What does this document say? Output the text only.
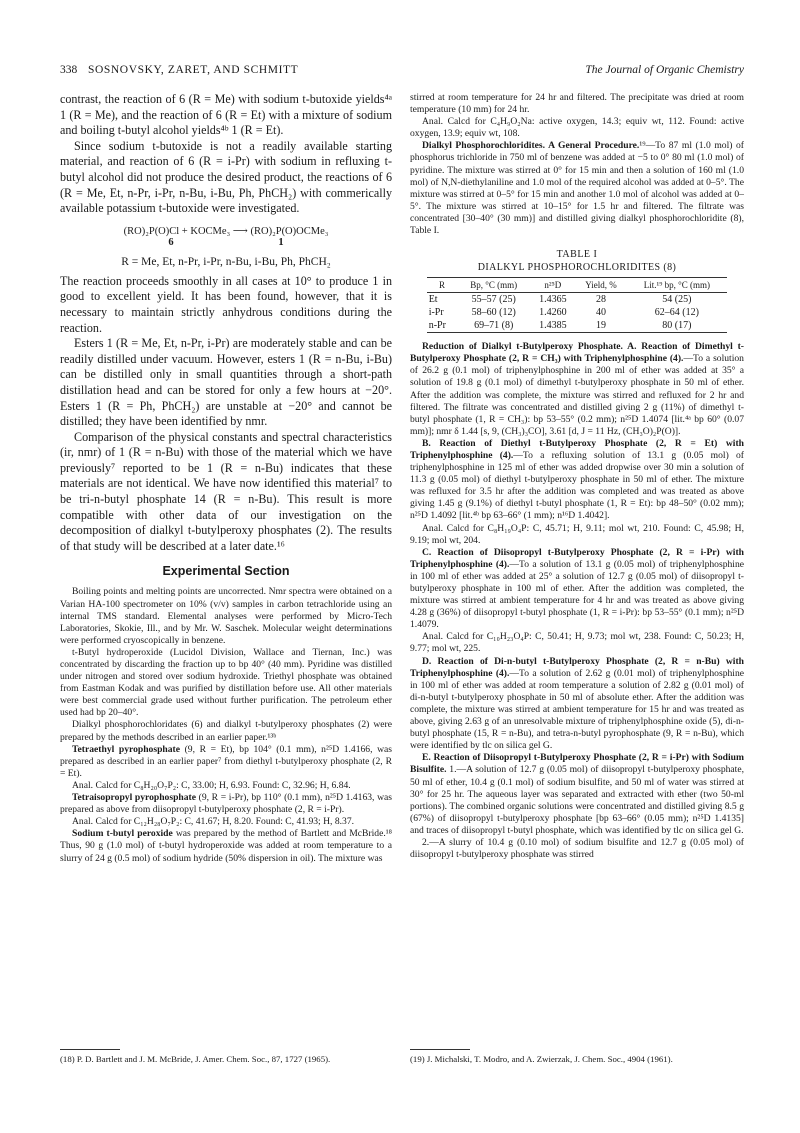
338 SOSNOVSKY, ZARET, AND SCHMITT	The Journal of Organic Chemistry

contrast, the reaction of 6 (R = Me) with sodium t-butoxide yields⁴ᵃ 1 (R = Me), and the reaction of 6 (R = Et) with a mixture of sodium and boiling t-butyl alcohol yields⁴ᵇ 1 (R = Et).

Since sodium t-butoxide is not a readily available starting material, and reaction of 6 (R = i-Pr) with sodium in refluxing t-butyl alcohol did not produce the desired product, the reactions of 6 (R = Me, Et, n-Pr, i-Pr, n-Bu, i-Bu, Ph, PhCH₂) with commerically available potassium t-butoxide were investigated.

(RO)₂P(O)Cl + KOCMe₃ ⟶ (RO)₂P(O)OCMe₃
6	1
R = Me, Et, n-Pr, i-Pr, n-Bu, i-Bu, Ph, PhCH₂

The reaction proceeds smoothly in all cases at 10° to produce 1 in good to excellent yield. It has been found, however, that it is necessary to maintain strictly anhydrous conditions during the reaction.

Esters 1 (R = Me, Et, n-Pr, i-Pr) are moderately stable and can be readily distilled under vacuum. However, esters 1 (R = n-Bu, i-Bu) can be distilled only in small quantities through a short-path distillation head and can be stored for only a few hours at −20°. Esters 1 (R = Ph, PhCH₂) are unstable at −20° and cannot be distilled; they have been identified by nmr.

Comparison of the physical constants and spectral characteristics (ir, nmr) of 1 (R = n-Bu) with those of the material which we have previously⁷ reported to be 1 (R = n-Bu) indicates that these materials are not identical. We have now identified this material⁷ to be tri-n-butyl phosphate 14 (R = n-Bu). This result is more compatible with other data of our investigation on the decomposition of dialkyl t-butylperoxy phosphates (2). The results of that study will be described at a later date.¹⁶

Experimental Section

Boiling points and melting points are uncorrected. Nmr spectra were obtained on a Varian HA-100 spectrometer on 10% (v/v) samples in carbon tetrachloride using an internal TMS standard. Elemental analyses were performed by Micro-Tech Laboratories, Skokie, Ill., and by Mr. W. Saschek. Molecular weight determinations were performed cryoscopically in benzene.

t-Butyl hydroperoxide (Lucidol Division, Wallace and Tiernan, Inc.) was concentrated by discarding the fraction up to bp 40° (40 mm). Pyridine was distilled under nitrogen and stored over sodium hydroxide. Triethyl phosphate was obtained from Eastman Kodak and was purified by distillation before use. All other materials were best commercial grade used without further purification. The petroleum ether used had bp 20–40°.

Dialkyl phosphorochloridates (6) and dialkyl t-butylperoxy phosphates (2) were prepared by the methods described in an earlier paper.¹³ᵇ

Tetraethyl pyrophosphate (9, R = Et), bp 104° (0.1 mm), n²⁵D 1.4166, was prepared as described in an earlier paper⁷ from diethyl t-butylperoxy phosphate (2, R = Et).

Anal. Calcd for C₈H₂₀O₇P₂: C, 33.00; H, 6.93. Found: C, 32.96; H, 6.84.

Tetraisopropyl pyrophosphate (9, R = i-Pr), bp 110° (0.1 mm), n²⁵D 1.4163, was prepared as above from diisopropyl t-butylperoxy phosphate (2, R = i-Pr).

Anal. Calcd for C₁₂H₂₈O₇P₂: C, 41.67; H, 8.20. Found: C, 41.93; H, 8.37.

Sodium t-butyl peroxide was prepared by the method of Bartlett and McBride.¹⁸ Thus, 90 g (1.0 mol) of t-butyl hydroperoxide was added at room temperature to a slurry of 24 g (0.5 mol) of sodium hydride (50% dispersion in oil). The mixture was

stirred at room temperature for 24 hr and filtered. The precipitate was dried at room temperature (10 mm) for 24 hr.

Anal. Calcd for C₄H₉O₂Na: active oxygen, 14.3; equiv wt, 112. Found: active oxygen, 13.9; equiv wt, 108.

Dialkyl Phosphorochloridites. A General Procedure.¹⁹—To 87 ml (1.0 mol) of phosphorus trichloride in 750 ml of benzene was added at −5 to 0° 80 ml (1.0 mol) of pyridine. The mixture was stirred at 0° for 15 min and then a solution of 160 ml (1.0 mol) of N,N-diethylaniline and 1.0 mol of the required alcohol was added at 0–5°. The mixture was stirred at 0–5° for 15 min and another 1.0 mol of alcohol was added at 0–5°. The mixture was stirred at 10–15° for 1.5 hr and filtered. The filtrate was concentrated [30–40° (30 mm)] and distilled giving dialkyl phosphorochloridite (8), Table I.

TABLE I
DIALKYL PHOSPHOROCHLORIDITES (8)
R	Bp, °C (mm)	n²⁵D	Yield, %	Lit.¹⁹ bp, °C (mm)
Et	55–57 (25)	1.4365	28	54 (25)
i-Pr	58–60 (12)	1.4260	40	62–64 (12)
n-Pr	69–71 (8)	1.4385	19	80 (17)

Reduction of Dialkyl t-Butylperoxy Phosphate. A. Reaction of Dimethyl t-Butylperoxy Phosphate (2, R = CH₃) with Triphenylphosphine (4).—To a solution of 26.2 g (0.1 mol) of triphenylphosphine in 200 ml of ether was added at 35° a solution of 19.8 g (0.1 mol) of dimethyl t-butylperoxy phosphate in 50 ml of ether. After the addition was complete, the mixture was stirred and refluxed for 2 hr and filtered. The filtrate was concentrated and distilled giving 2 g (11%) of dimethyl t-butyl phosphate (1, R = CH₃): bp 53–55° (0.2 mm); n²⁵D 1.4074 [lit.⁴ᵃ bp 60° (0.07 mm)]; nmr δ 1.44 [s, 9, (CH₃)₃CO], 3.61 [d, J = 11 Hz, (CH₃O)₂P(O)].

B. Reaction of Diethyl t-Butylperoxy Phosphate (2, R = Et) with Triphenylphosphine (4).—To a refluxing solution of 13.1 g (0.05 mol) of triphenylphosphine in 125 ml of ether was added dropwise over 30 min a solution of 11.3 g (0.05 mol) of diethyl t-butylperoxy phosphate in 50 ml of ether. The mixture was refluxed for 3.5 hr after the addition was completed and was treated as above giving 1.45 g (9.1%) of diethyl t-butyl phosphate (1, R = Et): bp 48–50° (0.02 mm); n²⁵D 1.4092 [lit.⁴ᵇ bp 63–66° (1 mm); n¹⁶D 1.4042].

Anal. Calcd for C₈H₁₉O₄P: C, 45.71; H, 9.11; mol wt, 210. Found: C, 45.98; H, 9.19; mol wt, 204.

C. Reaction of Diisopropyl t-Butylperoxy Phosphate (2, R = i-Pr) with Triphenylphosphine (4).—To a solution of 13.1 g (0.05 mol) of triphenylphosphine in 100 ml of ether was added at 25° a solution of 12.7 g (0.05 mol) of diisopropyl t-butylperoxy phosphate in 100 ml of ether. After the addition was completed, the mixture was stirred at ambient temperature for 4 hr and was treated as above giving 4.28 g (36%) of diisopropyl t-butyl phosphate (1, R = i-Pr): bp 53–55° (0.1 mm); n²⁵D 1.4079.

Anal. Calcd for C₁₀H₂₃O₄P: C, 50.41; H, 9.73; mol wt, 238. Found: C, 50.23; H, 9.77; mol wt, 225.

D. Reaction of Di-n-butyl t-Butylperoxy Phosphate (2, R = n-Bu) with Triphenylphosphine (4).—To a solution of 2.62 g (0.01 mol) of triphenylphosphine in 100 ml of ether was added at room temperature a solution of 2.82 g (0.01 mol) of di-n-butyl t-butylperoxy phosphate in 50 ml of absolute ether. After the addition was complete, the mixture was stirred at ambient temperature for 15 hr and was treated as above, giving 2.63 g of an unresolvable mixture of triphenylphosphine oxide (5), di-n-butyl phosphate (15, R = n-Bu), and tetra-n-butyl pyrophosphate (9, R = n-Bu), which were identified by tlc on silica gel G.

E. Reaction of Diisopropyl t-Butylperoxy Phosphate (2, R = i-Pr) with Sodium Bisulfite. 1.—A solution of 12.7 g (0.05 mol) of diisopropyl t-butylperoxy phosphate, 50 ml of ether, 10.4 g (0.1 mol) of sodium bisulfite, and 50 ml of water was stirred at 30° for 25 hr. The aqueous layer was separated and extracted with ether (two 50-ml portions). The combined organic solutions were concentrated and distilled giving 8.5 g (67%) of diisopropyl t-butylperoxy phosphate [bp 63–66° (0.05 mm); n²⁵D 1.4135] and traces of diisopropyl t-butyl phosphate, which was identified by tlc on silica gel G.

2.—A slurry of 10.4 g (0.10 mol) of sodium bisulfite and 12.7 g (0.05 mol) of diisopropyl t-butylperoxy phosphate was stirred

(18) P. D. Bartlett and J. M. McBride, J. Amer. Chem. Soc., 87, 1727 (1965).	(19) J. Michalski, T. Modro, and A. Zwierzak, J. Chem. Soc., 4904 (1961).
